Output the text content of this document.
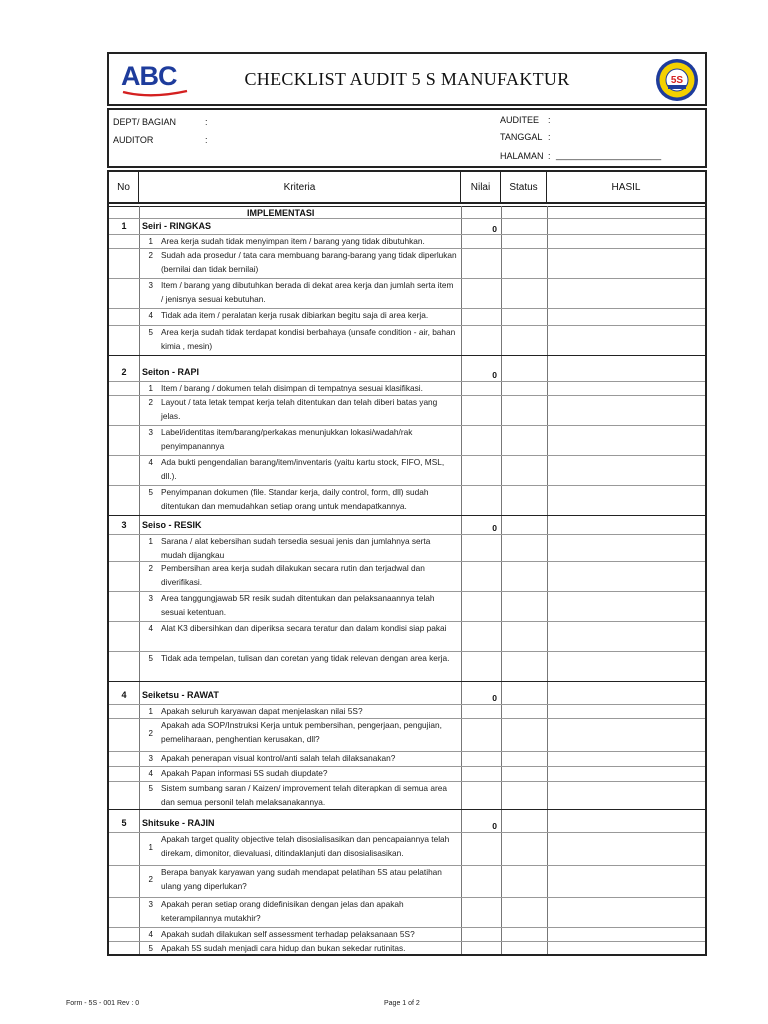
ABC	CHECKLIST AUDIT 5 S MANUFAKTUR	5S
DEPT/ BAGIAN	:
AUDITOR	:
AUDITEE :
TANGGAL :
HALAMAN : _____________________
No	Kriteria	Nilai	Status	HASIL
IMPLEMENTASI
1	Seiri - RINGKAS	0
1 Area kerja sudah tidak menyimpan item / barang yang tidak dibutuhkan.
2 Sudah ada prosedur / tata cara membuang barang-barang yang tidak diperlukan (bernilai dan tidak bernilai)
3 Item / barang yang dibutuhkan berada di dekat area kerja dan jumlah serta item / jenisnya sesuai kebutuhan.
4 Tidak ada item / peralatan kerja rusak dibiarkan begitu saja di area kerja.
5 Area kerja sudah tidak terdapat kondisi berbahaya (unsafe condition - air, bahan kimia , mesin)
2	Seiton - RAPI	0
1 Item / barang / dokumen telah disimpan di tempatnya sesuai klasifikasi.
2 Layout / tata letak tempat kerja telah ditentukan dan telah diberi batas yang jelas.
3 Label/identitas item/barang/perkakas menunjukkan lokasi/wadah/rak penyimpanannya
4 Ada bukti pengendalian barang/item/inventaris (yaitu kartu stock, FIFO, MSL, dll.).
5 Penyimpanan dokumen (file. Standar kerja, daily control, form, dll) sudah ditentukan dan memudahkan setiap orang untuk mendapatkannya.
3	Seiso - RESIK	0
1 Sarana / alat kebersihan sudah tersedia sesuai jenis dan jumlahnya serta mudah dijangkau
2 Pembersihan area kerja sudah dilakukan secara rutin dan terjadwal dan diverifikasi.
3 Area tanggungjawab 5R resik sudah ditentukan dan pelaksanaannya telah sesuai ketentuan.
4 Alat K3 dibersihkan dan diperiksa secara teratur dan dalam kondisi siap pakai
5 Tidak ada tempelan, tulisan dan coretan yang tidak relevan dengan area kerja.
4	Seiketsu - RAWAT	0
1 Apakah seluruh karyawan dapat menjelaskan nilai 5S?
2
Apakah ada SOP/Instruksi Kerja untuk pembersihan, pengerjaan, pengujian, pemeliharaan, penghentian kerusakan, dll?
3 Apakah penerapan visual kontrol/anti salah telah dilaksanakan?
4 Apakah Papan informasi 5S sudah diupdate?
5 Sistem sumbang saran / Kaizen/ improvement telah diterapkan di semua area dan semua personil telah melaksanakannya.
5	Shitsuke - RAJIN	0
1
Apakah target quality objective telah disosialisasikan dan pencapaiannya telah direkam, dimonitor, dievaluasi, ditindaklanjuti dan disosialisasikan.
2
Berapa banyak karyawan yang sudah mendapat pelatihan 5S atau pelatihan ulang yang diperlukan?
3 Apakah peran setiap orang didefinisikan dengan jelas dan apakah keterampilannya mutakhir?
4 Apakah sudah dilakukan self assessment terhadap pelaksanaan 5S?
5 Apakah 5S sudah menjadi cara hidup dan bukan sekedar rutinitas.
Form - 5S - 001 Rev : 0	Page 1 of 2
